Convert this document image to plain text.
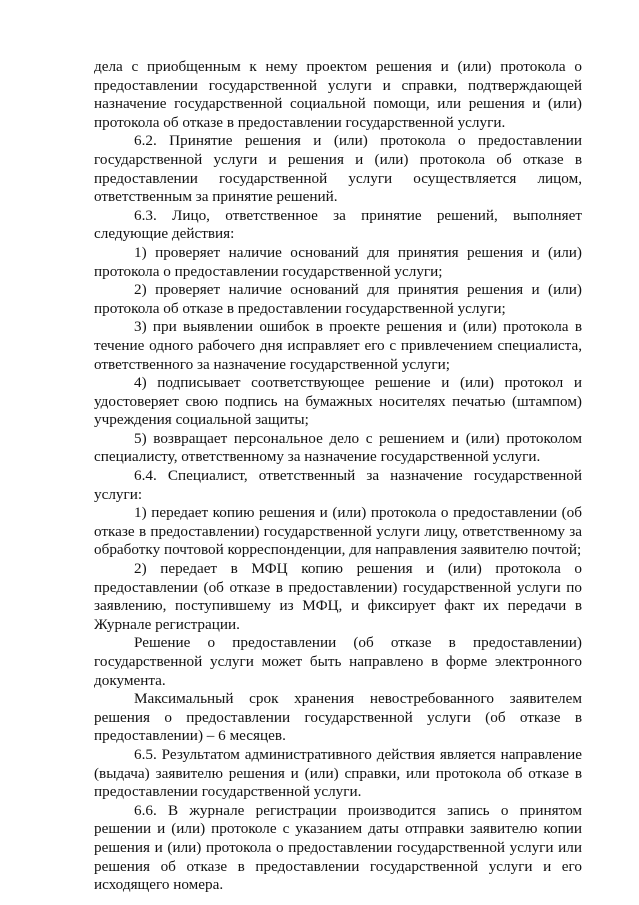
дела с приобщенным к нему проектом решения и (или) протокола о предоставлении государственной услуги и справки, подтверждающей назначение государственной социальной помощи, или решения и (или) протокола об отказе в предоставлении государственной услуги.

6.2. Принятие решения и (или) протокола о предоставлении государственной услуги и решения и (или) протокола об отказе в предоставлении государственной услуги осуществляется лицом, ответственным за принятие решений.

6.3. Лицо, ответственное за принятие решений, выполняет следующие действия:

1) проверяет наличие оснований для принятия решения и (или) протокола о предоставлении государственной услуги;

2) проверяет наличие оснований для принятия решения и (или) протокола об отказе в предоставлении государственной услуги;

3) при выявлении ошибок в проекте решения и (или) протокола в течение одного рабочего дня исправляет его с привлечением специалиста, ответственного за назначение государственной услуги;

4) подписывает соответствующее решение и (или) протокол и удостоверяет свою подпись на бумажных носителях печатью (штампом) учреждения социальной защиты;

5) возвращает персональное дело с решением и (или) протоколом специалисту, ответственному за назначение государственной услуги.

6.4. Специалист, ответственный за назначение государственной услуги:

1) передает копию решения и (или) протокола о предоставлении (об отказе в предоставлении) государственной услуги лицу, ответственному за обработку почтовой корреспонденции, для направления заявителю почтой;

2) передает в МФЦ копию решения и (или) протокола о предоставлении (об отказе в предоставлении) государственной услуги по заявлению, поступившему из МФЦ, и фиксирует факт их передачи в Журнале регистрации.

Решение о предоставлении (об отказе в предоставлении) государственной услуги может быть направлено в форме электронного документа.

Максимальный срок хранения невостребованного заявителем решения о предоставлении государственной услуги (об отказе в предоставлении) – 6 месяцев.

6.5. Результатом административного действия является направление (выдача) заявителю решения и (или) справки, или протокола об отказе в предоставлении государственной услуги.

6.6. В журнале регистрации производится запись о принятом решении и (или) протоколе с указанием даты отправки заявителю копии решения и (или) протокола о предоставлении государственной услуги или решения об отказе в предоставлении государственной услуги и его исходящего номера.
